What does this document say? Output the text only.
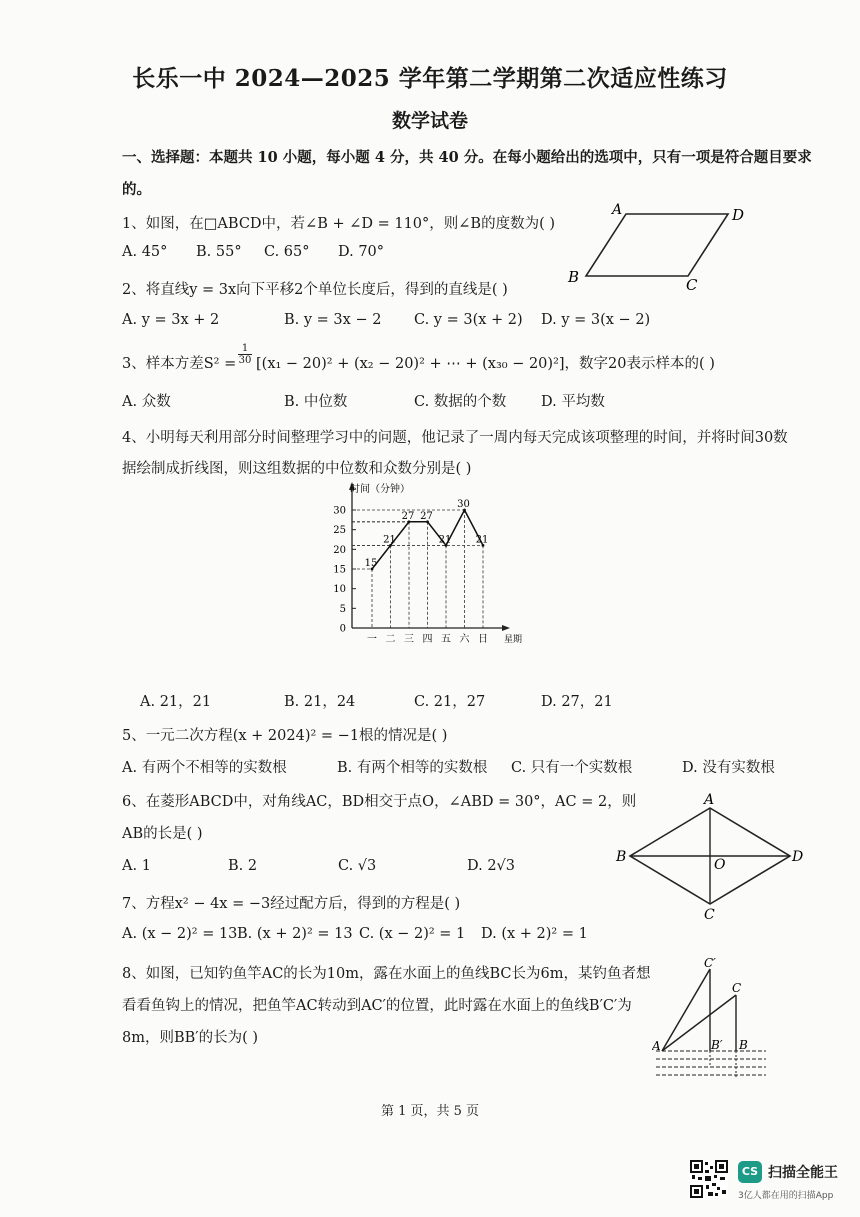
长乐一中 2024—2025 学年第二学期第二次适应性练习
数学试卷
一、选择题：本题共 10 小题，每小题 4 分，共 40 分。在每小题给出的选项中，只有一项是符合题目要求
的。
1、如图，在□ABCD中，若∠B + ∠D = 110°，则∠B的度数为( )
A. 45° B. 55° C. 65° D. 70°
A	D
B	C
2、将直线y = 3x向下平移2个单位长度后，得到的直线是( )
A. y = 3x + 2	B. y = 3x − 2 C. y = 3(x + 2) D. y = 3(x − 2)
3、样本方差$S^2 = \frac{1}{30} [(x_1 - 20)^2 + (x_2 - 20)^2$ + ⋯ + (x₃₀ − 20)²]，数字20表示样本的( )
A. 众数	B. 中位数	C. 数据的个数 D. 平均数
4、小明每天利用部分时间整理学习中的问题，他记录了一周内每天完成该项整理的时间，并将时间30数
据绘制成折线图，则这组数据的中位数和众数分别是( )
时间（分钟）
星期
0
5
10
15
20
25
30
一 二 三 四 五 六 日
15
21
27 27
21
30
21
A. 21，21	B. 21，24	C. 21，27	D. 27，21
5、一元二次方程(x + 2024)² = −1根的情况是( )
A. 有两个不相等的实数根	B. 有两个相等的实数根 C. 只有一个实数根	D. 没有实数根
6、在菱形ABCD中，对角线AC，BD相交于点O，∠ABD = 30°，AC = 2，则
AB的长是( )
A. 1	B. 2	C. √3	D. 2√3
A
B	O	D
C
7、方程x² − 4x = −3经过配方后，得到的方程是( )
A. (x − 2)² = 13 B. (x + 2)² = 13 C. (x − 2)² = 1 D. (x + 2)² = 1
8、如图，已知钓鱼竿AC的长为10m，露在水面上的鱼线BC长为6m，某钓鱼者想
看看鱼钩上的情况，把鱼竿AC转动到AC′的位置，此时露在水面上的鱼线B′C′为
8m，则BB′的长为( )
C′
C
A	B′ B
第 1 页，共 5 页
CS 扫描全能王
3亿人都在用的扫描App
